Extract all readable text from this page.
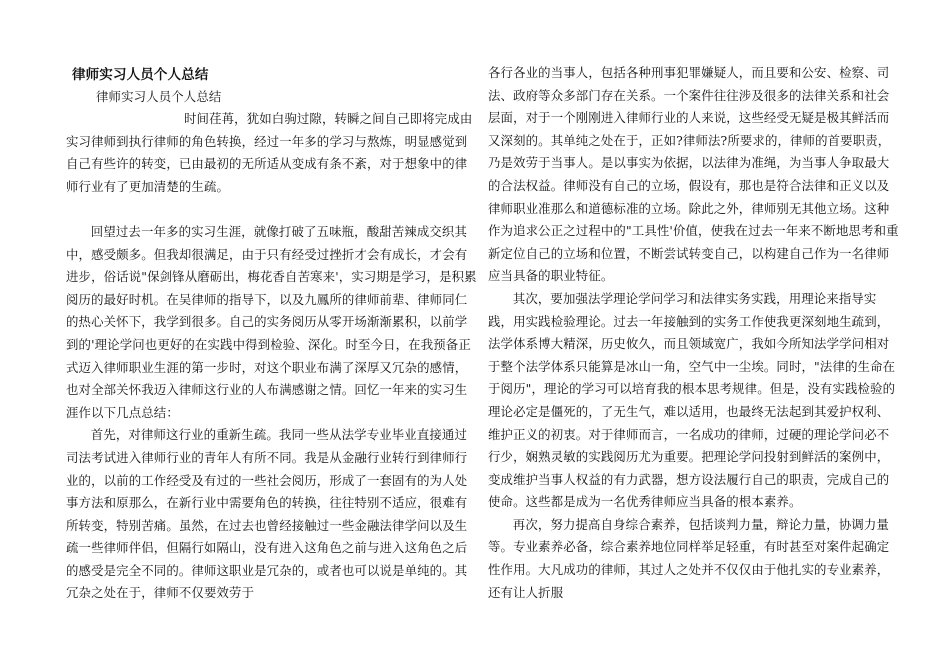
律师实习人员个人总结
律师实习人员个人总结

时间荏苒，犹如白驹过隙，转瞬之间自己即将完成由实习律师到执行律师的角色转换，经过一年多的学习与熬炼，明显感觉到自己有些许的转变，已由最初的无所适从变成有条不紊，对于想象中的律师行业有了更加清楚的生疏。

回望过去一年多的实习生涯，就像打破了五味瓶，酸甜苦辣成交织其中，感受颇多。但我却很满足，由于只有经受过挫折才会有成长，才会有进步，俗话说"保剑锋从磨砺出，梅花香自苦寒来'，实习期是学习，是积累阅历的最好时机。在吴律师的指导下，以及九鳳所的律师前辈、律师同仁的热心关怀下，我学到很多。自己的实务阅历从零开场渐渐累积，以前学到的'理论学问也更好的在实践中得到检验、深化。时至今日，在我预备正式迈入律师职业生涯的第一步时，对这个职业布满了深厚又冗杂的感情，也对全部关怀我迈入律师这行业的人布满感谢之情。回忆一年来的实习生涯作以下几点总结：

首先，对律师这行业的重新生疏。我同一些从法学专业毕业直接通过司法考试进入律师行业的青年人有所不同。我是从金融行业转行到律师行业的，以前的工作经受及有过的一些社会阅历，形成了一套固有的为人处事方法和原那么，在新行业中需要角色的转换，往往特别不适应，很难有所转变，特别苦痛。虽然，在过去也曾经接触过一些金融法律学问以及生疏一些律师伴侣，但隔行如隔山，没有进入这角色之前与进入这角色之后的感受是完全不同的。律师这职业是冗杂的，或者也可以说是单纯的。其冗杂之处在于，律师不仅要效劳于

各行各业的当事人，包括各种刑事犯罪嫌疑人，而且要和公安、检察、司法、政府等众多部门存在关系。一个案件往往涉及很多的法律关系和社会层面，对于一个刚刚进入律师行业的人来说，这些经受无疑是极其鲜活而又深刻的。其单纯之处在于，正如?律师法?所要求的，律师的首要职责，乃是效劳于当事人。是以事实为依据，以法律为准绳，为当事人争取最大的合法权益。律师没有自己的立场，假设有，那也是符合法律和正义以及律师职业准那么和道德标准的立场。除此之外，律师别无其他立场。这种作为追求公正之过程中的"工具性'价值，使我在过去一年来不断地思考和重新定位自己的立场和位置，不断尝试转变自己，以构建自己作为一名律师应当具备的职业特征。

其次，要加强法学理论学问学习和法律实务实践，用理论来指导实践，用实践检验理论。过去一年接触到的实务工作使我更深刻地生疏到，法学体系博大精深，历史攸久，而且领域宽广，我如今所知法学学问相对于整个法学体系只能算是冰山一角，空气中一尘埃。同时，"法律的生命在于阅历"，理论的学习可以培育我的根本思考规律。但是，没有实践检验的理论必定是僵死的，了无生气，难以适用，也最终无法起到其爱护权利、维护正义的初衷。对于律师而言，一名成功的律师，过硬的理论学问必不行少，娴熟灵敏的实践阅历尤为重要。把理论学问投射到鲜活的案例中，变成维护当事人权益的有力武器，想方设法履行自己的职责，完成自己的使命。这些都是成为一名优秀律师应当具备的根本素养。

再次，努力提高自身综合素养，包括谈判力量，辩论力量，协调力量等。专业素养必备，综合素养地位同样举足轻重，有时甚至对案件起确定性作用。大凡成功的律师，其过人之处并不仅仅由于他扎实的专业素养，还有让人折服
